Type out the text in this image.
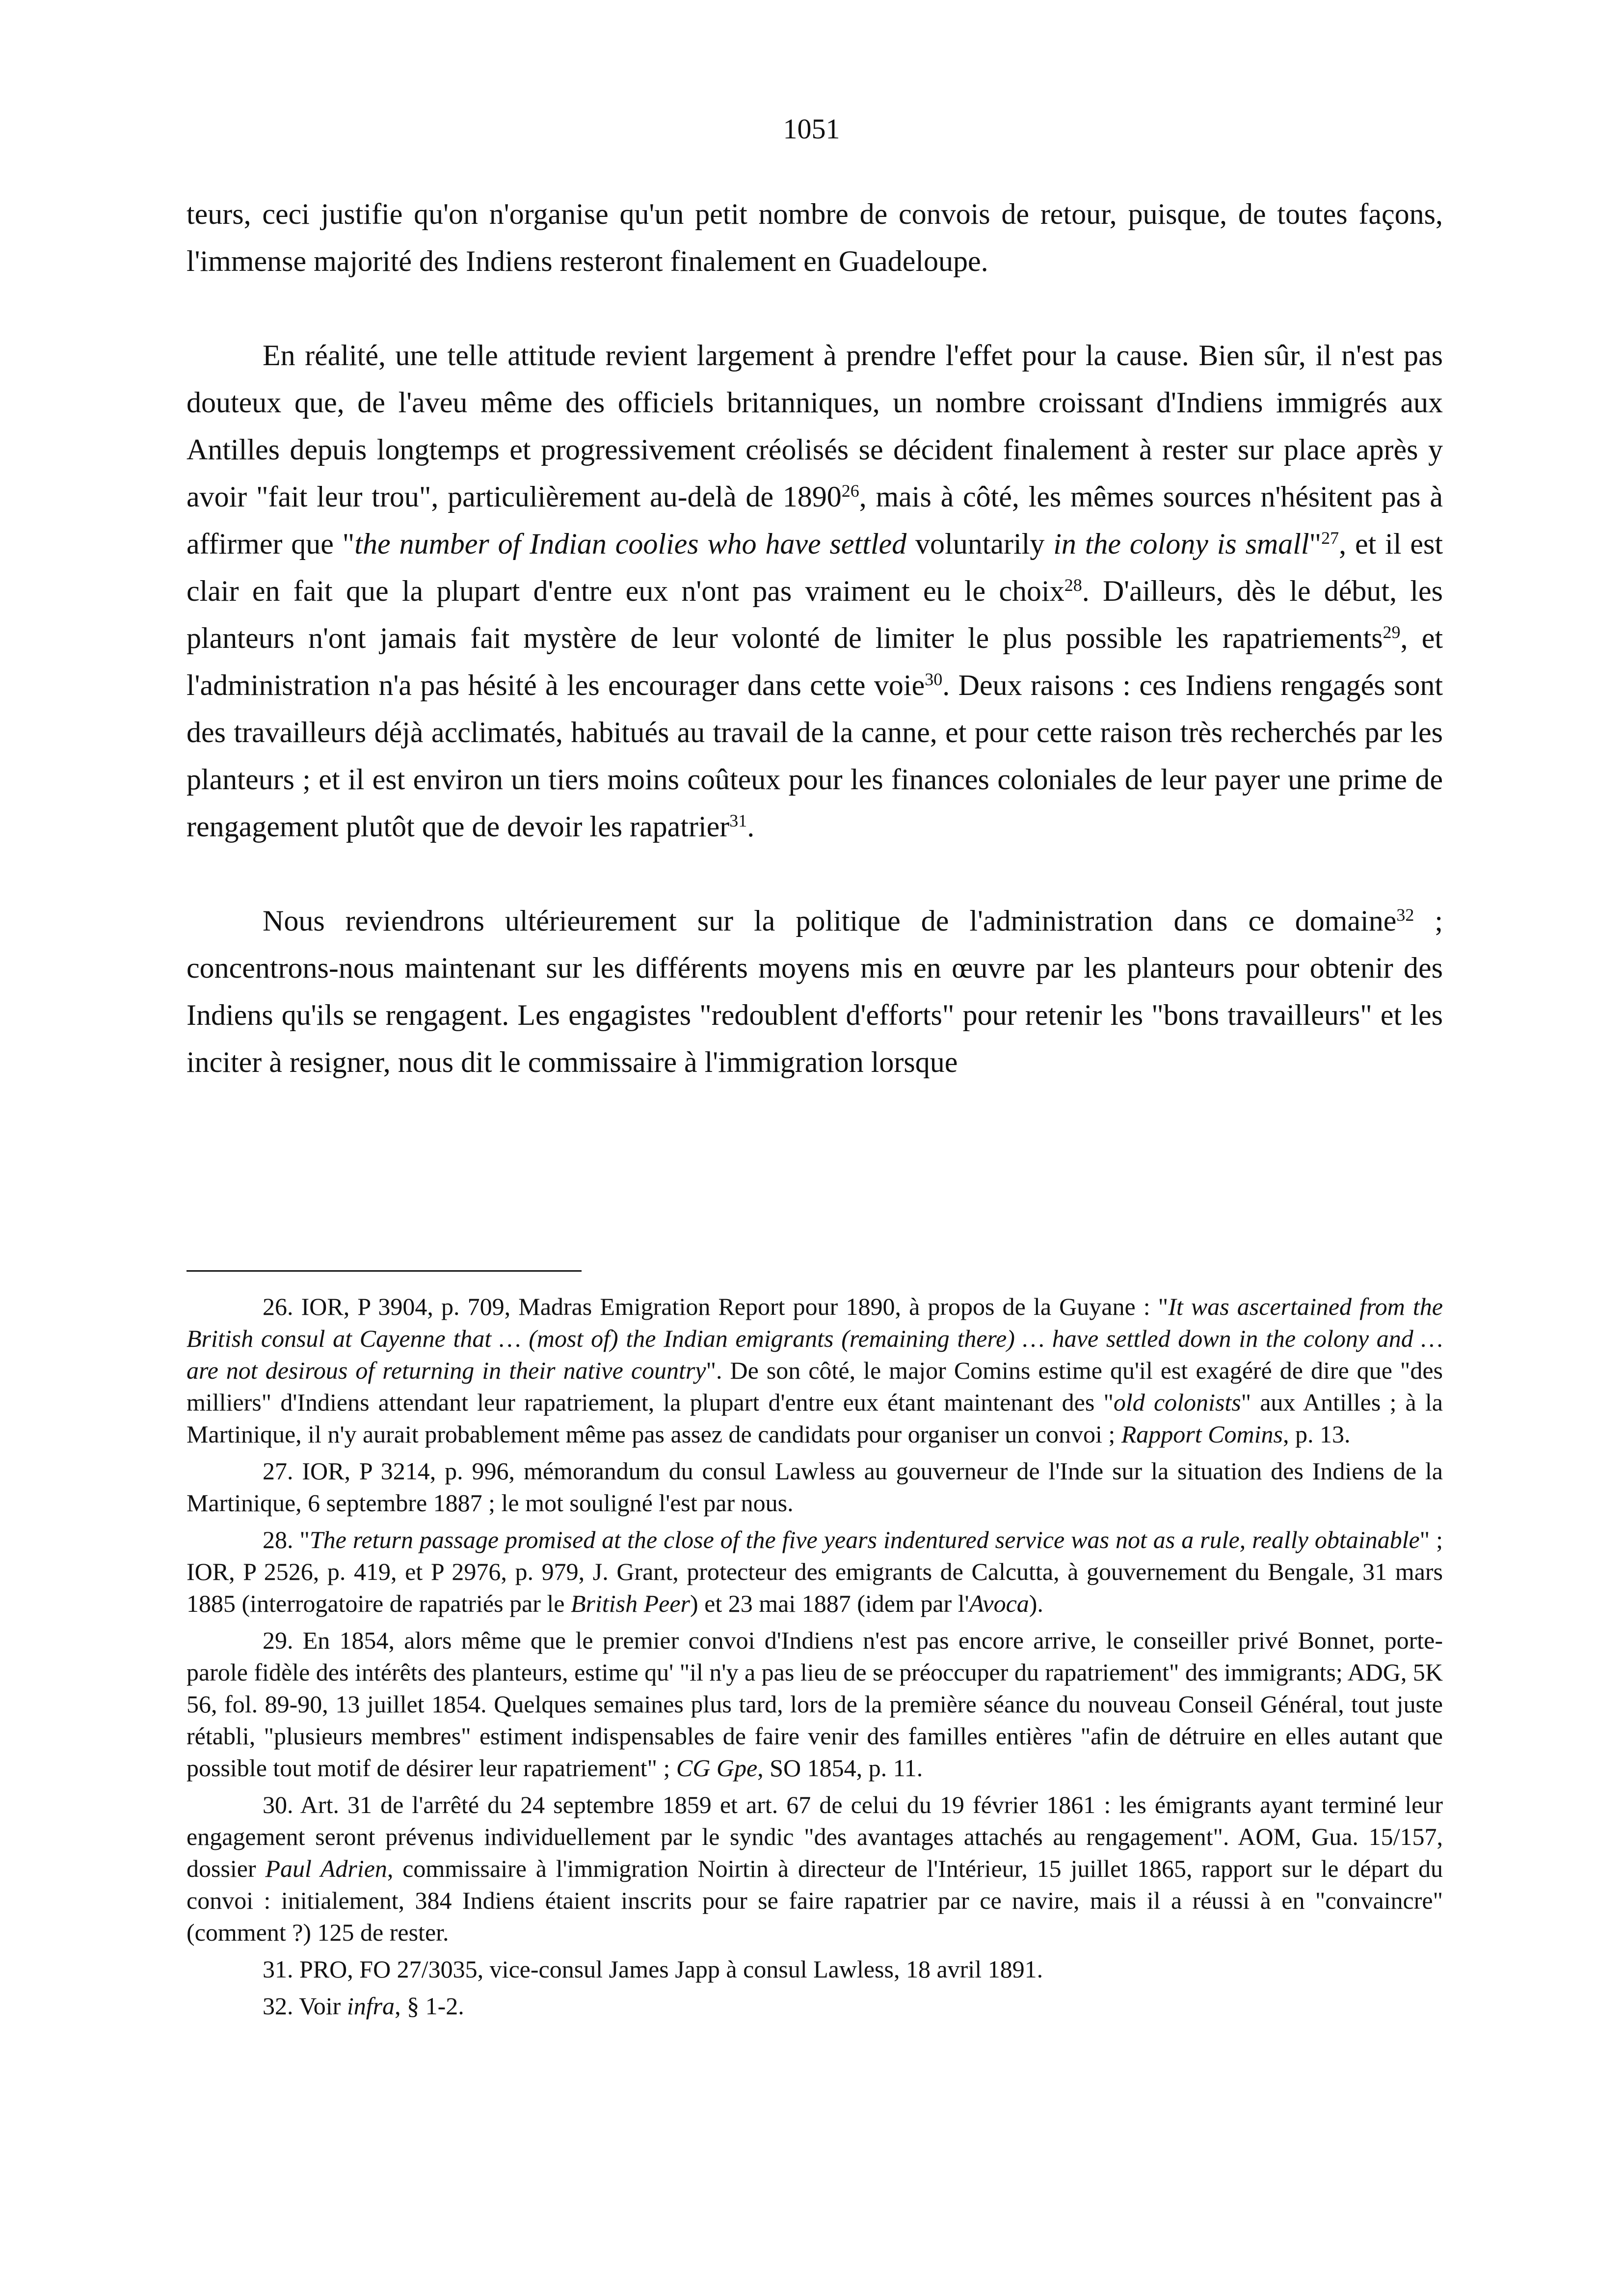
1051

teurs, ceci justifie qu'on n'organise qu'un petit nombre de convois de retour, puisque, de toutes façons, l'immense majorité des Indiens resteront finalement en Guadeloupe.

En réalité, une telle attitude revient largement à prendre l'effet pour la cause. Bien sûr, il n'est pas douteux que, de l'aveu même des officiels britanniques, un nombre croissant d'Indiens immigrés aux Antilles depuis longtemps et progressivement créolisés se décident finalement à rester sur place après y avoir "fait leur trou", particulièrement au-delà de 1890$^{26}$, mais à côté, les mêmes sources n'hésitent pas à affirmer que "the number of Indian coolies who have settled voluntarily in the colony is small"$^{27}$, et il est clair en fait que la plupart d'entre eux n'ont pas vraiment eu le choix$^{28}$. D'ailleurs, dès le début, les planteurs n'ont jamais fait mystère de leur volonté de limiter le plus possible les rapatriements$^{29}$, et l'administration n'a pas hésité à les encourager dans cette voie$^{30}$. Deux raisons : ces Indiens rengagés sont des travailleurs déjà acclimatés, habitués au travail de la canne, et pour cette raison très recherchés par les planteurs ; et il est environ un tiers moins coûteux pour les finances coloniales de leur payer une prime de rengagement plutôt que de devoir les rapatrier$^{31}$.

Nous reviendrons ultérieurement sur la politique de l'administration dans ce domaine$^{32}$ ; concentrons-nous maintenant sur les différents moyens mis en œuvre par les planteurs pour obtenir des Indiens qu'ils se rengagent. Les engagistes "redoublent d'efforts" pour retenir les "bons travailleurs" et les inciter à resigner, nous dit le commissaire à l'immigration lorsque

26. IOR, P 3904, p. 709, Madras Emigration Report pour 1890, à propos de la Guyane : "It was ascertained from the British consul at Cayenne that … (most of) the Indian emigrants (remaining there) … have settled down in the colony and … are not desirous of returning in their native country". De son côté, le major Comins estime qu'il est exagéré de dire que "des milliers" d'Indiens attendant leur rapatriement, la plupart d'entre eux étant maintenant des "old colonists" aux Antilles ; à la Martinique, il n'y aurait probablement même pas assez de candidats pour organiser un convoi ; Rapport Comins, p. 13.

27. IOR, P 3214, p. 996, mémorandum du consul Lawless au gouverneur de l'Inde sur la situation des Indiens de la Martinique, 6 septembre 1887 ; le mot souligné l'est par nous.

28. "The return passage promised at the close of the five years indentured service was not as a rule, really obtainable" ; IOR, P 2526, p. 419, et P 2976, p. 979, J. Grant, protecteur des emigrants de Calcutta, à gouvernement du Bengale, 31 mars 1885 (interrogatoire de rapatriés par le British Peer) et 23 mai 1887 (idem par l'Avoca).

29. En 1854, alors même que le premier convoi d'Indiens n'est pas encore arrive, le conseiller privé Bonnet, porte-parole fidèle des intérêts des planteurs, estime qu' "il n'y a pas lieu de se préoccuper du rapatriement" des immigrants; ADG, 5K 56, fol. 89-90, 13 juillet 1854. Quelques semaines plus tard, lors de la première séance du nouveau Conseil Général, tout juste rétabli, "plusieurs membres" estiment indispensables de faire venir des familles entières "afin de détruire en elles autant que possible tout motif de désirer leur rapatriement" ; CG Gpe, SO 1854, p. 11.

30. Art. 31 de l'arrêté du 24 septembre 1859 et art. 67 de celui du 19 février 1861 : les émigrants ayant terminé leur engagement seront prévenus individuellement par le syndic "des avantages attachés au rengagement". AOM, Gua. 15/157, dossier Paul Adrien, commissaire à l'immigration Noirtin à directeur de l'Intérieur, 15 juillet 1865, rapport sur le départ du convoi : initialement, 384 Indiens étaient inscrits pour se faire rapatrier par ce navire, mais il a réussi à en "convaincre" (comment ?) 125 de rester.

31. PRO, FO 27/3035, vice-consul James Japp à consul Lawless, 18 avril 1891.

32. Voir infra, § 1-2.
